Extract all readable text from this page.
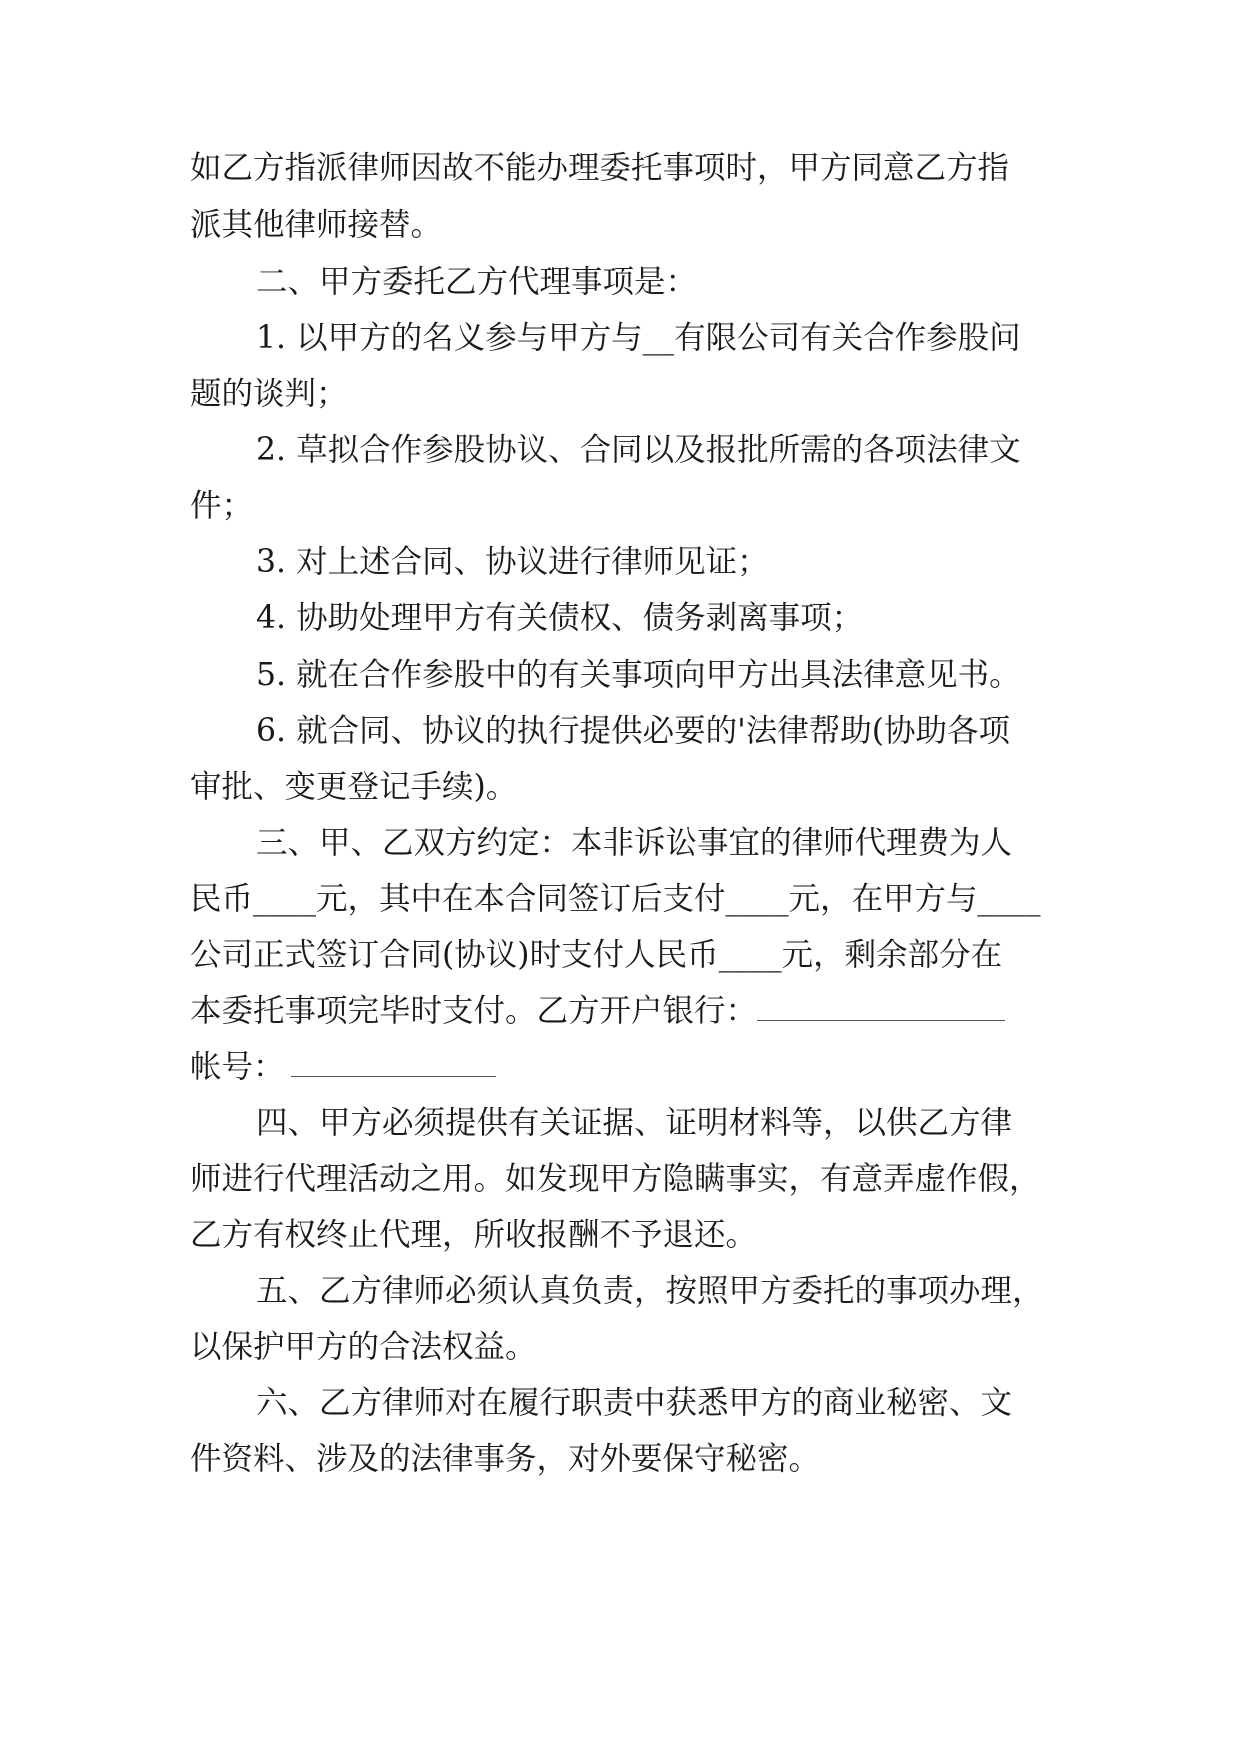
如乙方指派律师因故不能办理委托事项时，甲方同意乙方指
派其他律师接替。
二、甲方委托乙方代理事项是：
1. 以甲方的名义参与甲方与__有限公司有关合作参股问
题的谈判；
2. 草拟合作参股协议、合同以及报批所需的各项法律文
件；
3. 对上述合同、协议进行律师见证；
4. 协助处理甲方有关债权、债务剥离事项；
5. 就在合作参股中的有关事项向甲方出具法律意见书。
6. 就合同、协议的执行提供必要的'法律帮助(协助各项
审批、变更登记手续)。
三、甲、乙双方约定：本非诉讼事宜的律师代理费为人
民币____元，其中在本合同签订后支付____元，在甲方与____
公司正式签订合同(协议)时支付人民币____元，剩余部分在
本委托事项完毕时支付。乙方开户银行：
帐号：
四、甲方必须提供有关证据、证明材料等，以供乙方律
师进行代理活动之用。如发现甲方隐瞒事实，有意弄虚作假，
乙方有权终止代理，所收报酬不予退还。
五、乙方律师必须认真负责，按照甲方委托的事项办理，
以保护甲方的合法权益。
六、乙方律师对在履行职责中获悉甲方的商业秘密、文
件资料、涉及的法律事务，对外要保守秘密。
